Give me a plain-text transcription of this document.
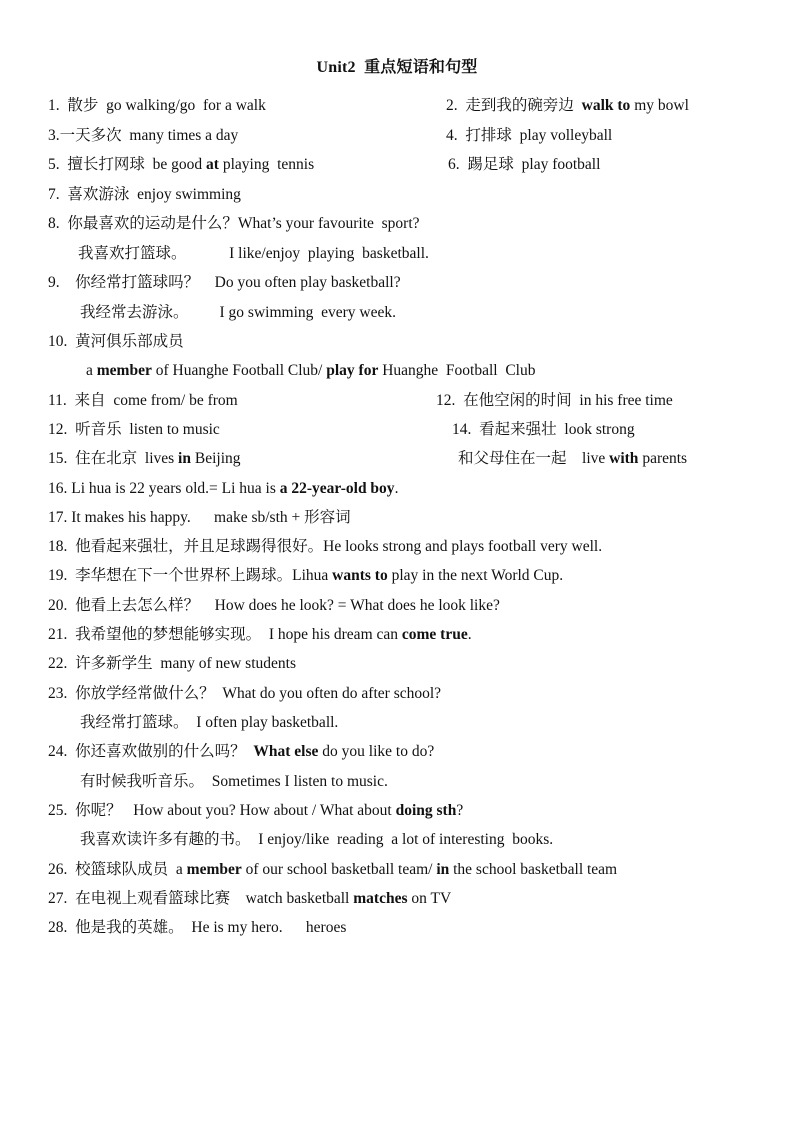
Unit2  重点短语和句型
1. 散步 go walking/go  for a walk	2. 走到我的碗旁边 walk to my bowl
3.一天多次 many times a day	4. 打排球 play volleyball
5. 擅长打网球 be good at playing  tennis	6. 踢足球 play football
7. 喜欢游泳 enjoy swimming
8. 你最喜欢的运动是什么？What’s your favourite  sport?
我喜欢打篮球。	I like/enjoy  playing  basketball.
9. 你经常打篮球吗？ Do you often play basketball?
我经常去游泳。 I go swimming  every week.
10. 黄河俱乐部成员
a member of Huanghe Football Club/ play for Huanghe  Football  Club
11. 来自 come from/ be from	12. 在他空闲的时间 in his free time
12. 听音乐 listen to music	14. 看起来强壮 look strong
15. 住在北京 lives in Beijing	和父母住在一起 live with parents
16. Li hua is 22 years old.= Li hua is a 22-year-old boy.
17. It makes his happy. make sb/sth + 形容词
18. 他看起来强壮，并且足球踢得很好。He looks strong and plays football very well.
19. 李华想在下一个世界杯上踢球。Lihua wants to play in the next World Cup.
20. 他看上去怎么样？ How does he look? = What does he look like?
21. 我希望他的梦想能够实现。 I hope his dream can come true.
22. 许多新学生 many of new students
23. 你放学经常做什么？ What do you often do after school?
我经常打篮球。 I often play basketball.
24. 你还喜欢做别的什么吗？ What else do you like to do?
有时候我听音乐。 Sometimes I listen to music.
25. 你呢？ How about you? How about / What about doing sth?
我喜欢读许多有趣的书。 I enjoy/like  reading  a lot of interesting  books.
26. 校篮球队成员 a member of our school basketball team/ in the school basketball team
27. 在电视上观看篮球比赛 watch basketball matches on TV
28. 他是我的英雄。 He is my hero. heroes
